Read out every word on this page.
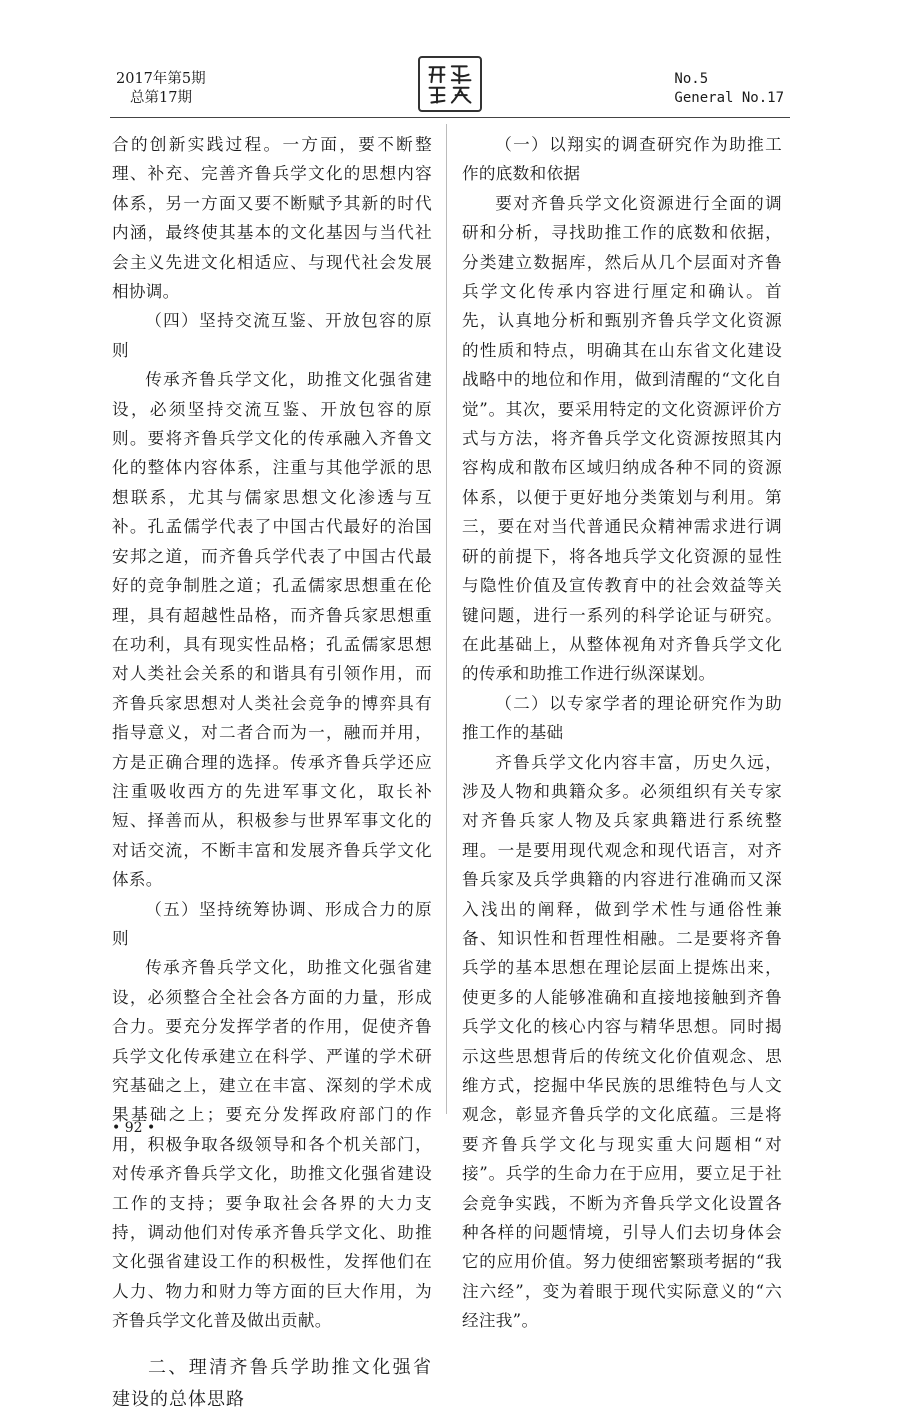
2017年第5期
总第17期
No.5
General No.17

合的创新实践过程。一方面，要不断整理、补充、完善齐鲁兵学文化的思想内容体系，另一方面又要不断赋予其新的时代内涵，最终使其基本的文化基因与当代社会主义先进文化相适应、与现代社会发展相协调。

（四）坚持交流互鉴、开放包容的原则

传承齐鲁兵学文化，助推文化强省建设，必须坚持交流互鉴、开放包容的原则。要将齐鲁兵学文化的传承融入齐鲁文化的整体内容体系，注重与其他学派的思想联系，尤其与儒家思想文化渗透与互补。孔孟儒学代表了中国古代最好的治国安邦之道，而齐鲁兵学代表了中国古代最好的竞争制胜之道；孔孟儒家思想重在伦理，具有超越性品格，而齐鲁兵家思想重在功利，具有现实性品格；孔孟儒家思想对人类社会关系的和谐具有引领作用，而齐鲁兵家思想对人类社会竞争的博弈具有指导意义，对二者合而为一，融而并用，方是正确合理的选择。传承齐鲁兵学还应注重吸收西方的先进军事文化，取长补短、择善而从，积极参与世界军事文化的对话交流，不断丰富和发展齐鲁兵学文化体系。

（五）坚持统筹协调、形成合力的原则

传承齐鲁兵学文化，助推文化强省建设，必须整合全社会各方面的力量，形成合力。要充分发挥学者的作用，促使齐鲁兵学文化传承建立在科学、严谨的学术研究基础之上，建立在丰富、深刻的学术成果基础之上；要充分发挥政府部门的作用，积极争取各级领导和各个机关部门，对传承齐鲁兵学文化，助推文化强省建设工作的支持；要争取社会各界的大力支持，调动他们对传承齐鲁兵学文化、助推文化强省建设工作的积极性，发挥他们在人力、物力和财力等方面的巨大作用，为齐鲁兵学文化普及做出贡献。

二、理清齐鲁兵学助推文化强省建设的总体思路

（一）以翔实的调查研究作为助推工作的底数和依据

要对齐鲁兵学文化资源进行全面的调研和分析，寻找助推工作的底数和依据，分类建立数据库，然后从几个层面对齐鲁兵学文化传承内容进行厘定和确认。首先，认真地分析和甄别齐鲁兵学文化资源的性质和特点，明确其在山东省文化建设战略中的地位和作用，做到清醒的“文化自觉”。其次，要采用特定的文化资源评价方式与方法，将齐鲁兵学文化资源按照其内容构成和散布区域归纳成各种不同的资源体系，以便于更好地分类策划与利用。第三，要在对当代普通民众精神需求进行调研的前提下，将各地兵学文化资源的显性与隐性价值及宣传教育中的社会效益等关键问题，进行一系列的科学论证与研究。在此基础上，从整体视角对齐鲁兵学文化的传承和助推工作进行纵深谋划。

（二）以专家学者的理论研究作为助推工作的基础

齐鲁兵学文化内容丰富，历史久远，涉及人物和典籍众多。必须组织有关专家对齐鲁兵家人物及兵家典籍进行系统整理。一是要用现代观念和现代语言，对齐鲁兵家及兵学典籍的内容进行准确而又深入浅出的阐释，做到学术性与通俗性兼备、知识性和哲理性相融。二是要将齐鲁兵学的基本思想在理论层面上提炼出来，使更多的人能够准确和直接地接触到齐鲁兵学文化的核心内容与精华思想。同时揭示这些思想背后的传统文化价值观念、思维方式，挖掘中华民族的思维特色与人文观念，彰显齐鲁兵学的文化底蕴。三是将要齐鲁兵学文化与现实重大问题相“对接”。兵学的生命力在于应用，要立足于社会竞争实践，不断为齐鲁兵学文化设置各种各样的问题情境，引导人们去切身体会它的应用价值。努力使细密繁琐考据的“我注六经”，变为着眼于现代实际意义的“六经注我”。

• 92 •
